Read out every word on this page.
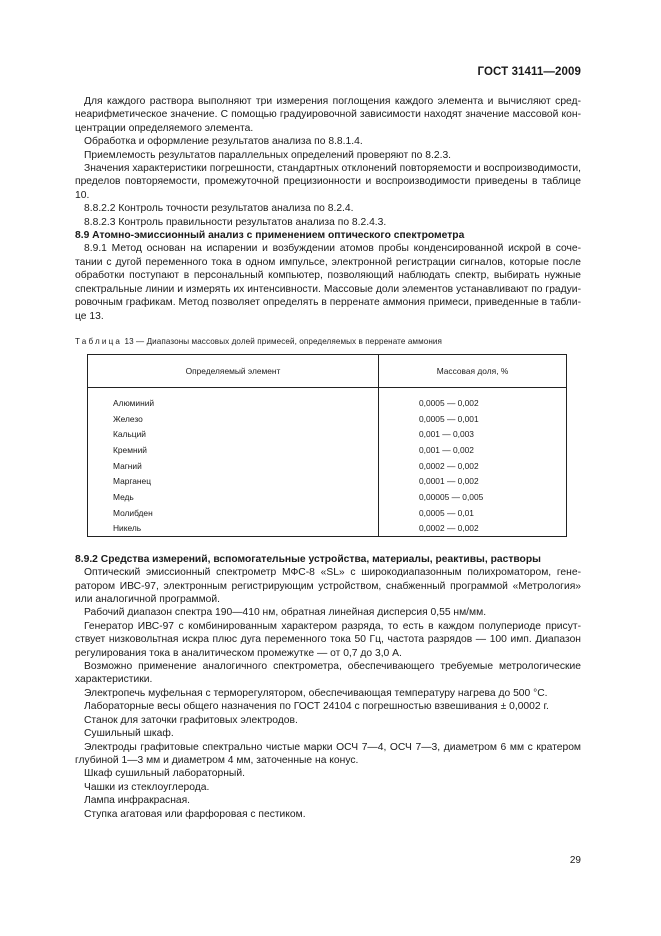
ГОСТ 31411—2009

Для каждого раствора выполняют три измерения поглощения каждого элемента и вычисляют среднеарифметическое значение. С помощью градуировочной зависимости находят значение массовой концентрации определяемого элемента.

Обработка и оформление результатов анализа по 8.8.1.4.

Приемлемость результатов параллельных определений проверяют по 8.2.3.

Значения характеристики погрешности, стандартных отклонений повторяемости и воспроизводимости, пределов повторяемости, промежуточной прецизионности и воспроизводимости приведены в таблице 10.

8.8.2.2 Контроль точности результатов анализа по 8.2.4.

8.8.2.3 Контроль правильности результатов анализа по 8.2.4.3.

8.9 Атомно-эмиссионный анализ с применением оптического спектрометра

8.9.1 Метод основан на испарении и возбуждении атомов пробы конденсированной искрой в сочетании с дугой переменного тока в одном импульсе, электронной регистрации сигналов, которые после обработки поступают в персональный компьютер, позволяющий наблюдать спектр, выбирать нужные спектральные линии и измерять их интенсивности. Массовые доли элементов устанавливают по градуировочным графикам. Метод позволяет определять в перренате аммония примеси, приведенные в таблице 13.

Таблица 13 — Диапазоны массовых долей примесей, определяемых в перренате аммония
Определяемый элемент	Массовая доля, %
Алюминий	0,0005 — 0,002
Железо	0,0005 — 0,001
Кальций	0,001 — 0,003
Кремний	0,001 — 0,002
Магний	0,0002 — 0,002
Марганец	0,0001 — 0,002
Медь	0,00005 — 0,005
Молибден	0,0005 — 0,01
Никель	0,0002 — 0,002

8.9.2 Средства измерений, вспомогательные устройства, материалы, реактивы, растворы

Оптический эмиссионный спектрометр МФС-8 «SL» с широкодиапазонным полихроматором, генератором ИВС-97, электронным регистрирующим устройством, снабженный программой «Метрология» или аналогичной программой.

Рабочий диапазон спектра 190—410 нм, обратная линейная дисперсия 0,55 нм/мм.

Генератор ИВС-97 с комбинированным характером разряда, то есть в каждом полупериоде присутствует низковольтная искра плюс дуга переменного тока 50 Гц, частота разрядов — 100 имп. Диапазон регулирования тока в аналитическом промежутке — от 0,7 до 3,0 А.

Возможно применение аналогичного спектрометра, обеспечивающего требуемые метрологические характеристики.

Электропечь муфельная с терморегулятором, обеспечивающая температуру нагрева до 500 °С.

Лабораторные весы общего назначения по ГОСТ 24104 с погрешностью взвешивания ± 0,0002 г.

Станок для заточки графитовых электродов.

Сушильный шкаф.

Электроды графитовые спектрально чистые марки ОСЧ 7—4, ОСЧ 7—3, диаметром 6 мм с кратером глубиной 1—3 мм и диаметром 4 мм, заточенные на конус.

Шкаф сушильный лабораторный.

Чашки из стеклоуглерода.

Лампа инфракрасная.

Ступка агатовая или фарфоровая с пестиком.

29
